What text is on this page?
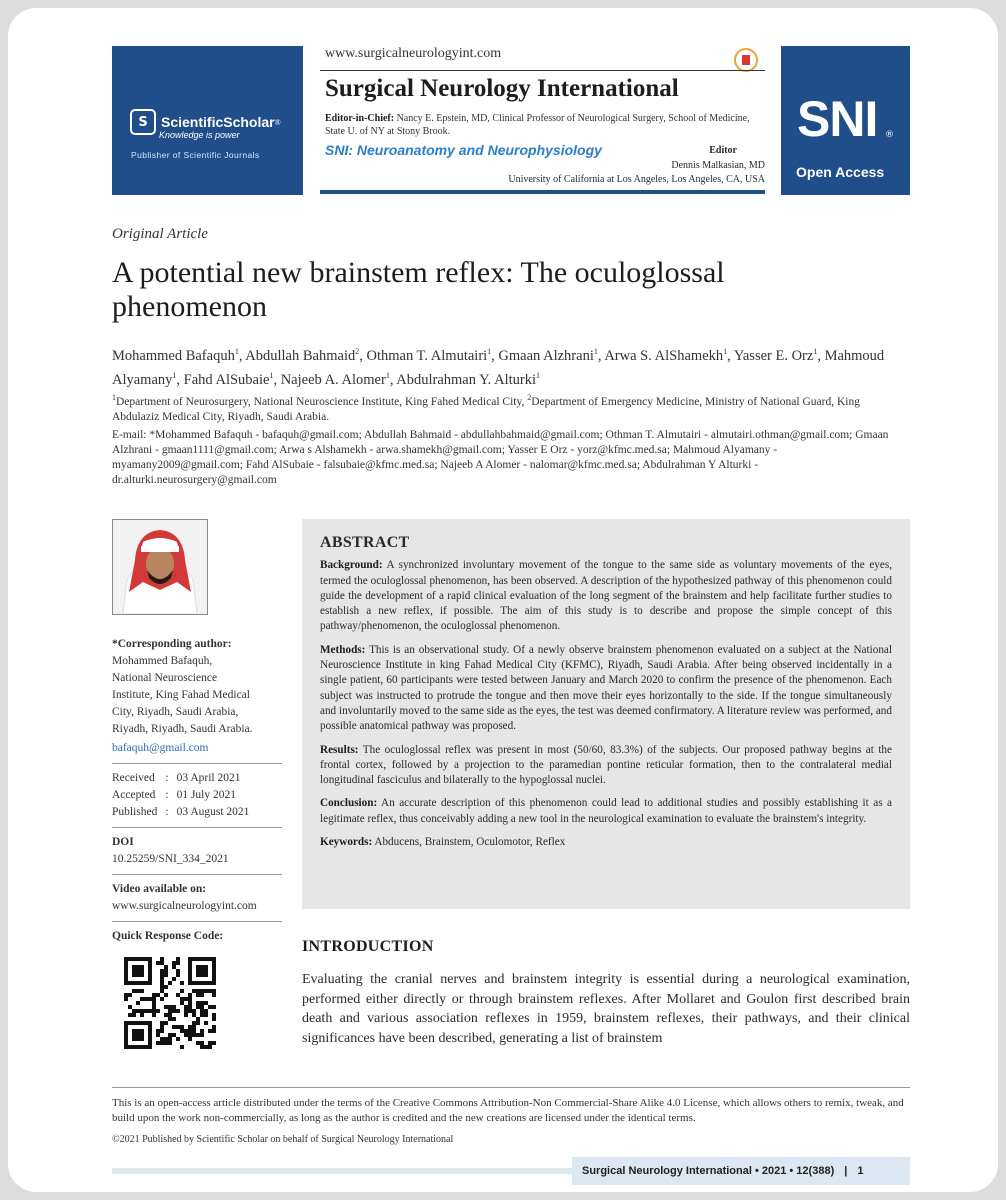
S ScientificScholar ®
Knowledge is power
Publisher of Scientific Journals
www.surgicalneurologyint.com
Surgical Neurology International
Editor-in-Chief: Nancy E. Epstein, MD, Clinical Professor of Neurological Surgery, School of Medicine, State U. of NY at Stony Brook.
SNI: Neuroanatomy and Neurophysiology	Editor
Dennis Malkasian, MD
University of California at Los Angeles, Los Angeles, CA, USA
SNI ®
Open Access
Original Article
A potential new brainstem reflex: The oculoglossal phenomenon
Mohammed Bafaquh$^1$, Abdullah Bahmaid$^2$, Othman T. Almutairi$^1$, Gmaan Alzhrani$^1$, Arwa S. AlShamekh$^1$, Yasser E. Orz$^1$, Mahmoud Alyamany$^1$, Fahd AlSubaie$^1$, Najeeb A. Alomer$^1$, Abdulrahman Y. Alturki$^1$
$^1$Department of Neurosurgery, National Neuroscience Institute, King Fahed Medical City, $^2$Department of Emergency Medicine, Ministry of National Guard, King Abdulaziz Medical City, Riyadh, Saudi Arabia.
E-mail: *Mohammed Bafaquh - bafaquh@gmail.com; Abdullah Bahmaid - abdullahbahmaid@gmail.com; Othman T. Almutairi - almutairi.othman@gmail.com; Gmaan Alzhrani - gmaan1111@gmail.com; Arwa s Alshamekh - arwa.shamekh@gmail.com; Yasser E Orz - yorz@kfmc.med.sa; Mahmoud Alyamany - myamany2009@gmail.com; Fahd AlSubaie - falsubaie@kfmc.med.sa; Najeeb A Alomer - nalomar@kfmc.med.sa; Abdulrahman Y Alturki - dr.alturki.neurosurgery@gmail.com
*Corresponding author:
Mohammed Bafaquh,
National Neuroscience
Institute, King Fahad Medical
City, Riyadh, Saudi Arabia,
Riyadh, Riyadh, Saudi Arabia.
bafaquh@gmail.com
Received	:	03 April 2021
Accepted	:	01 July 2021
Published	:	03 August 2021
DOI
10.25259/SNI_334_2021
Video available on:
www.surgicalneurologyint.com
Quick Response Code:
ABSTRACT

Background: A synchronized involuntary movement of the tongue to the same side as voluntary movements of the eyes, termed the oculoglossal phenomenon, has been observed. A description of the hypothesized pathway of this phenomenon could guide the development of a rapid clinical evaluation of the long segment of the brainstem and help facilitate further studies to establish a new reflex, if possible. The aim of this study is to describe and propose the simple concept of this pathway/phenomenon, the oculoglossal phenomenon.

Methods: This is an observational study. Of a newly observe brainstem phenomenon evaluated on a subject at the National Neuroscience Institute in king Fahad Medical City (KFMC), Riyadh, Saudi Arabia. After being observed incidentally in a single patient, 60 participants were tested between January and March 2020 to confirm the presence of the phenomenon. Each subject was instructed to protrude the tongue and then move their eyes horizontally to the side. If the tongue simultaneously and involuntarily moved to the same side as the eyes, the test was deemed confirmatory. A literature review was performed, and possible anatomical pathway was proposed.

Results: The oculoglossal reflex was present in most (50/60, 83.3%) of the subjects. Our proposed pathway begins at the frontal cortex, followed by a projection to the paramedian pontine reticular formation, then to the contralateral medial longitudinal fasciculus and bilaterally to the hypoglossal nuclei.

Conclusion: An accurate description of this phenomenon could lead to additional studies and possibly establishing it as a legitimate reflex, thus conceivably adding a new tool in the neurological examination to evaluate the brainstem's integrity.

Keywords: Abducens, Brainstem, Oculomotor, Reflex

INTRODUCTION
Evaluating the cranial nerves and brainstem integrity is essential during a neurological examination, performed either directly or through brainstem reflexes. After Mollaret and Goulon first described brain death and various association reflexes in 1959, brainstem reflexes, their pathways, and their clinical significances have been described, generating a list of brainstem
This is an open-access article distributed under the terms of the Creative Commons Attribution-Non Commercial-Share Alike 4.0 License, which allows others to remix, tweak, and build upon the work non-commercially, as long as the author is credited and the new creations are licensed under the identical terms.
©2021 Published by Scientific Scholar on behalf of Surgical Neurology International
Surgical Neurology International • 2021 • 12(388) | 1
